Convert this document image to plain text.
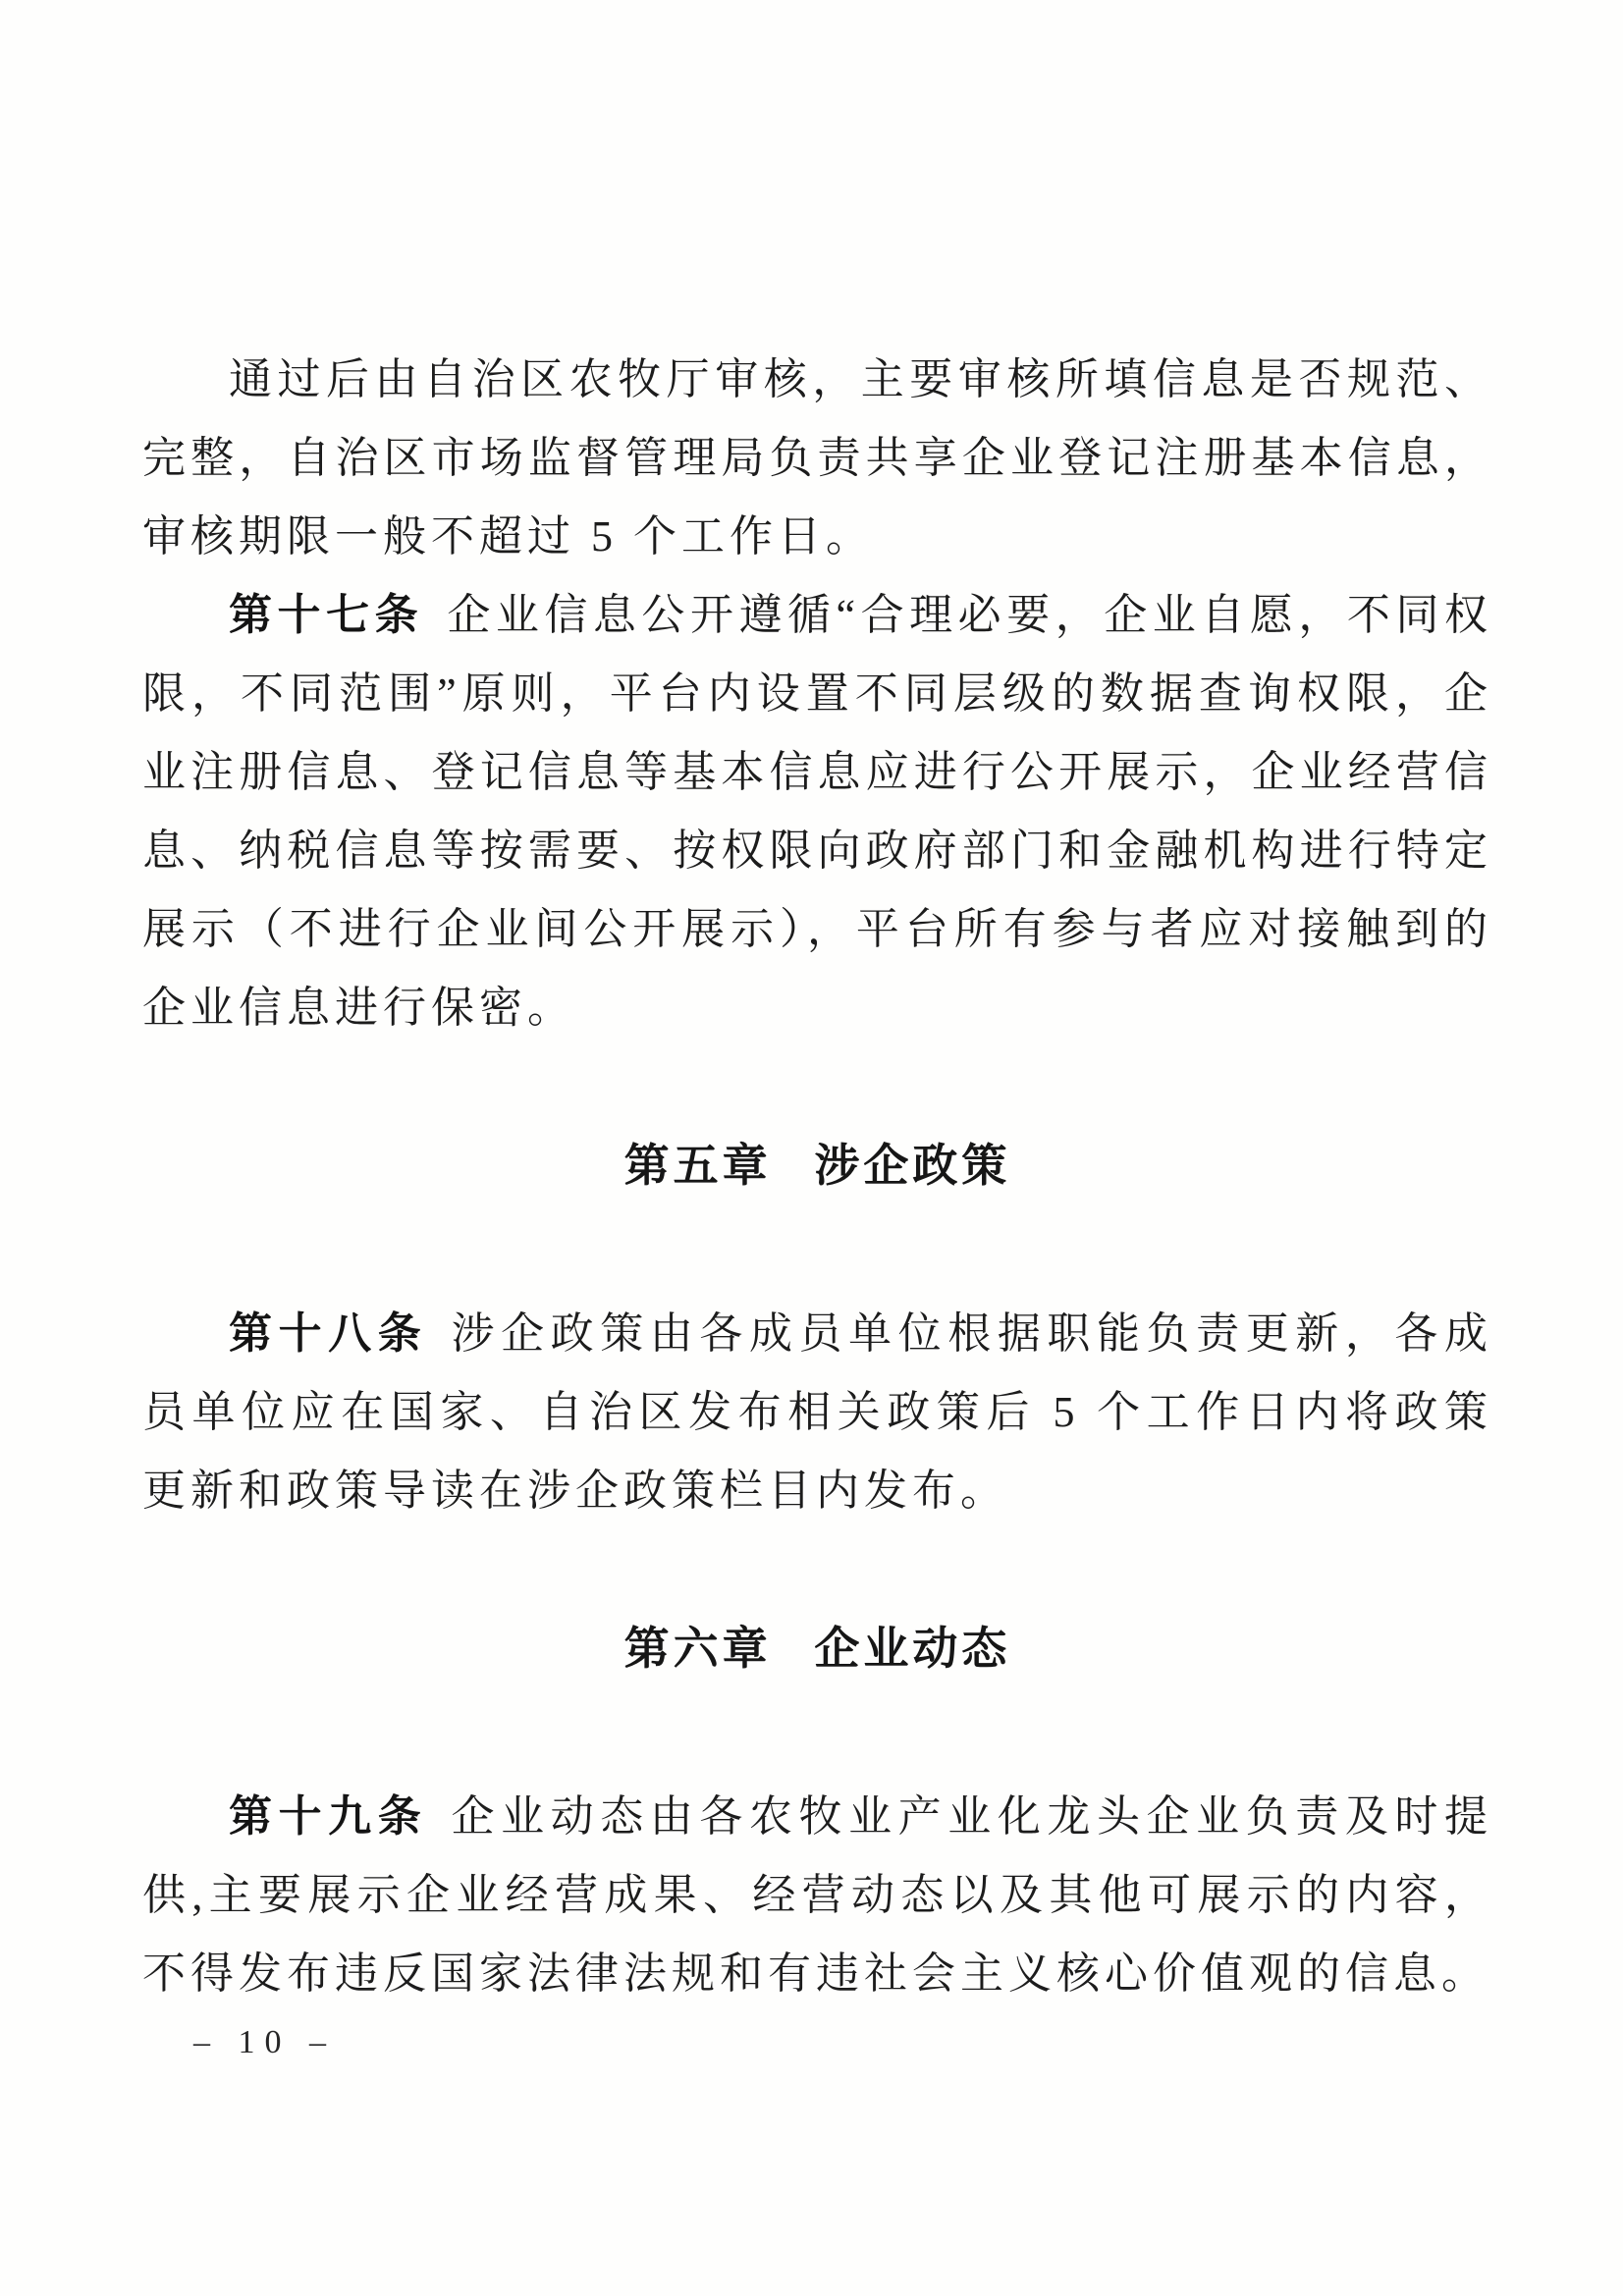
通过后由自治区农牧厅审核，主要审核所填信息是否规范、完整，自治区市场监督管理局负责共享企业登记注册基本信息，审核期限一般不超过 5 个工作日。

第十七条 企业信息公开遵循“合理必要，企业自愿，不同权限，不同范围”原则，平台内设置不同层级的数据查询权限，企业注册信息、登记信息等基本信息应进行公开展示，企业经营信息、纳税信息等按需要、按权限向政府部门和金融机构进行特定展示（不进行企业间公开展示），平台所有参与者应对接触到的企业信息进行保密。

第五章 涉企政策

第十八条 涉企政策由各成员单位根据职能负责更新，各成员单位应在国家、自治区发布相关政策后 5 个工作日内将政策更新和政策导读在涉企政策栏目内发布。

第六章 企业动态

第十九条 企业动态由各农牧业产业化龙头企业负责及时提供,主要展示企业经营成果、经营动态以及其他可展示的内容，不得发布违反国家法律法规和有违社会主义核心价值观的信息。

– 10 –
